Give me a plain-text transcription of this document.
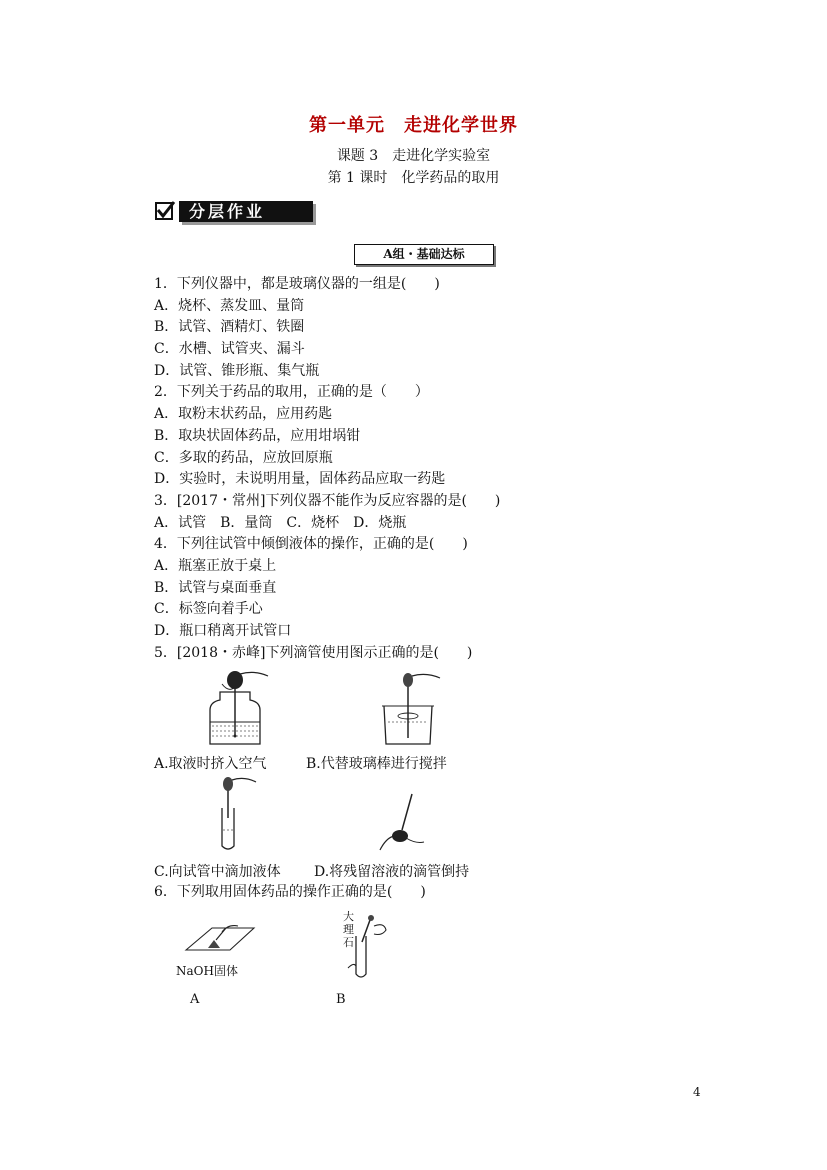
第一单元　走进化学世界
课题 3　走进化学实验室
第 1 课时　化学药品的取用
分层作业
A组・基础达标
1．下列仪器中，都是玻璃仪器的一组是(　　)
A．烧杯、蒸发皿、量筒
B．试管、酒精灯、铁圈
C．水槽、试管夹、漏斗
D．试管、锥形瓶、集气瓶
2．下列关于药品的取用，正确的是（　　）
A．取粉末状药品，应用药匙
B．取块状固体药品，应用坩埚钳
C．多取的药品，应放回原瓶
D．实验时，未说明用量，固体药品应取一药匙
3．[2017・常州]下列仪器不能作为反应容器的是(　　)
A．试管　B．量筒　C．烧杯　D．烧瓶
4．下列往试管中倾倒液体的操作，正确的是(　　)
A．瓶塞正放于桌上
B．试管与桌面垂直
C．标签向着手心
D．瓶口稍离开试管口
5．[2018・赤峰]下列滴管使用图示正确的是(　　)
A.取液时挤入空气	B.代替玻璃棒进行搅拌
C.向试管中滴加液体 D.将残留溶液的滴管倒持
6．下列取用固体药品的操作正确的是(　　)
NaOH固体
大
理
石
A	B
4
